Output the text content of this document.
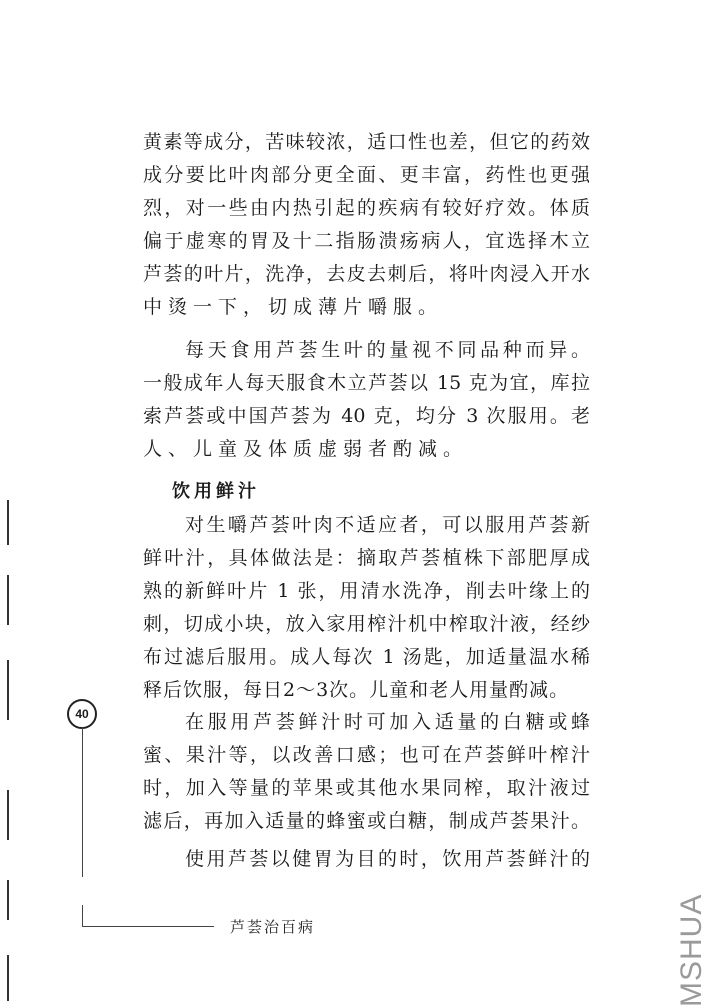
黄素等成分，苦味较浓，适口性也差，但它的药效
成分要比叶肉部分更全面、更丰富，药性也更强
烈，对一些由内热引起的疾病有较好疗效。体质
偏于虚寒的胃及十二指肠溃疡病人，宜选择木立
芦荟的叶片，洗净，去皮去刺后，将叶肉浸入开水
中烫一下，切成薄片嚼服。
每天食用芦荟生叶的量视不同品种而异。
一般成年人每天服食木立芦荟以 15 克为宜，库拉
索芦荟或中国芦荟为 40 克，均分 3 次服用。老
人、儿童及体质虚弱者酌减。
饮用鲜汁
对生嚼芦荟叶肉不适应者，可以服用芦荟新
鲜叶汁，具体做法是：摘取芦荟植株下部肥厚成
熟的新鲜叶片 1 张，用清水洗净，削去叶缘上的
刺，切成小块，放入家用榨汁机中榨取汁液，经纱
布过滤后服用。成人每次 1 汤匙，加适量温水稀
释后饮服，每日2～3次。儿童和老人用量酌减。
在服用芦荟鲜汁时可加入适量的白糖或蜂
蜜、果汁等，以改善口感；也可在芦荟鲜叶榨汁
时，加入等量的苹果或其他水果同榨，取汁液过
滤后，再加入适量的蜂蜜或白糖，制成芦荟果汁。
使用芦荟以健胃为目的时，饮用芦荟鲜汁的
40
芦荟治百病	MSHUA
